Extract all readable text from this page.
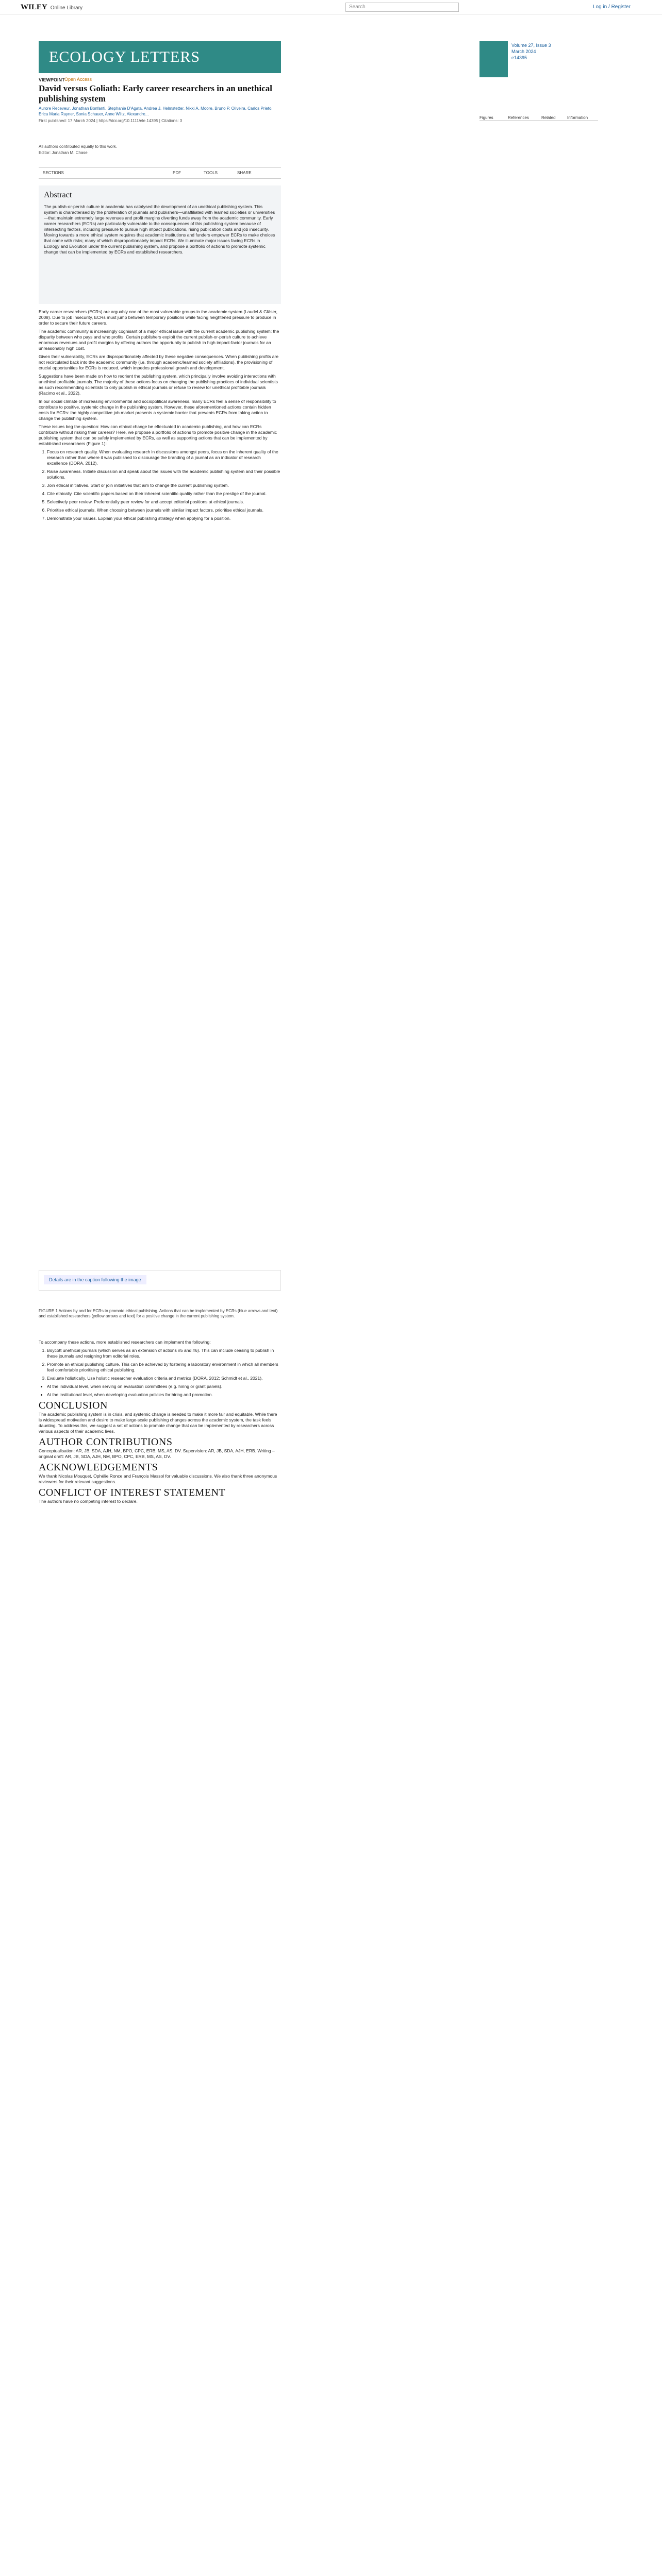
WILEY Online Library	Search	Log in / Register
ECOLOGY LETTERS
VIEWPOINT Open Access
David versus Goliath: Early career researchers in an unethical publishing system
Aurore Receveur, Jonathan Bonfanti, Stephanie D'Agata, Andrea J. Helmstetter, Nikki A. Moore, Bruno P. Oliveira, Carlos Prieto, Erica Maria Rayner, Sonia Schauer, Anne Wiltz, Alexandre...
First published: 17 March 2024 | https://doi.org/10.1111/ele.14395 | Citations: 3
All authors contributed equally to this work.
Editor: Jonathan M. Chase
SECTIONS	PDF	TOOLS	SHARE
Abstract

The publish-or-perish culture in academia has catalysed the development of an unethical publishing system. This system is characterised by the proliferation of journals and publishers—unaffiliated with learned societies or universities—that maintain extremely large revenues and profit margins diverting funds away from the academic community. Early career researchers (ECRs) are particularly vulnerable to the consequences of this publishing system because of intersecting factors, including pressure to pursue high impact publications, rising publication costs and job insecurity. Moving towards a more ethical system requires that academic institutions and funders empower ECRs to make choices that come with risks; many of which disproportionately impact ECRs. We illuminate major issues facing ECRs in Ecology and Evolution under the current publishing system, and propose a portfolio of actions to promote systemic change that can be implemented by ECRs and established researchers.

Early career researchers (ECRs) are arguably one of the most vulnerable groups in the academic system (Laudel & Gläser, 2008). Due to job insecurity, ECRs must jump between temporary positions while facing heightened pressure to produce in order to secure their future careers.

The academic community is increasingly cognisant of a major ethical issue with the current academic publishing system: the disparity between who pays and who profits. Certain publishers exploit the current publish-or-perish culture to achieve enormous revenues and profit margins by offering authors the opportunity to publish in high impact-factor journals for an unreasonably high cost.

Given their vulnerability, ECRs are disproportionately affected by these negative consequences. When publishing profits are not recirculated back into the academic community (i.e. through academic/learned society affiliations), the provisioning of crucial opportunities for ECRs is reduced, which impedes professional growth and development.

Suggestions have been made on how to reorient the publishing system, which principally involve avoiding interactions with unethical profitable journals. The majority of these actions focus on changing the publishing practices of individual scientists as such recommending scientists to only publish in ethical journals or refuse to review for unethical profitable journals (Racimo et al., 2022).

In our social climate of increasing environmental and sociopolitical awareness, many ECRs feel a sense of responsibility to contribute to positive, systemic change in the publishing system. However, these aforementioned actions contain hidden costs for ECRs: the highly competitive job market presents a systemic barrier that prevents ECRs from taking action to change the publishing system.

These issues beg the question: How can ethical change be effectuated in academic publishing, and how can ECRs contribute without risking their careers? Here, we propose a portfolio of actions to promote positive change in the academic publishing system that can be safely implemented by ECRs, as well as supporting actions that can be implemented by established researchers (Figure 1):

1. Focus on research quality. When evaluating research in discussions amongst peers, focus on the inherent quality of the research rather than where it was published to discourage the branding of a journal as an indicator of research excellence (DORA, 2012).
2. Raise awareness. Initiate discussion and speak about the issues with the academic publishing system and their possible solutions.
3. Join ethical initiatives. Start or join initiatives that aim to change the current publishing system.
4. Cite ethically. Cite scientific papers based on their inherent scientific quality rather than the prestige of the journal.
5. Selectively peer review. Preferentially peer review for and accept editorial positions at ethical journals.
6. Prioritise ethical journals. When choosing between journals with similar impact factors, prioritise ethical journals.
7. Demonstrate your values. Explain your ethical publishing strategy when applying for a position.
Details are in the caption following the image
FIGURE 1 Actions by and for ECRs to promote ethical publishing. Actions that can be implemented by ECRs (blue arrows and text) and established researchers (yellow arrows and text) for a positive change in the current publishing system.

To accompany these actions, more established researchers can implement the following:

1. Boycott unethical journals (which serves as an extension of actions #5 and #6). This can include ceasing to publish in these journals and resigning from editorial roles.
2. Promote an ethical publishing culture. This can be achieved by fostering a laboratory environment in which all members feel comfortable prioritising ethical publishing.
3. Evaluate holistically. Use holistic researcher evaluation criteria and metrics (DORA, 2012; Schmidt et al., 2021).
• At the individual level, when serving on evaluation committees (e.g. hiring or grant panels).
• At the institutional level, when developing evaluation policies for hiring and promotion.
CONCLUSION

The academic publishing system is in crisis, and systemic change is needed to make it more fair and equitable. While there is widespread motivation and desire to make large-scale publishing changes across the academic system, the task feels daunting. To address this, we suggest a set of actions to promote change that can be implemented by researchers across various aspects of their academic lives.

AUTHOR CONTRIBUTIONS

Conceptualisation: AR, JB, SDA, AJH, NM, BPO, CPC, ERB, MS, AS, DV. Supervision: AR, JB, SDA, AJH, ERB. Writing – original draft: AR, JB, SDA, AJH, NM, BPO, CPC, ERB, MS, AS, DV.

ACKNOWLEDGEMENTS

We thank Nicolas Mouquet, Ophélie Ronce and François Massol for valuable discussions. We also thank three anonymous reviewers for their relevant suggestions.

CONFLICT OF INTEREST STATEMENT

The authors have no competing interest to declare.

Volume 27, Issue 3
March 2024
e14395
Figures	References	Related	Information
